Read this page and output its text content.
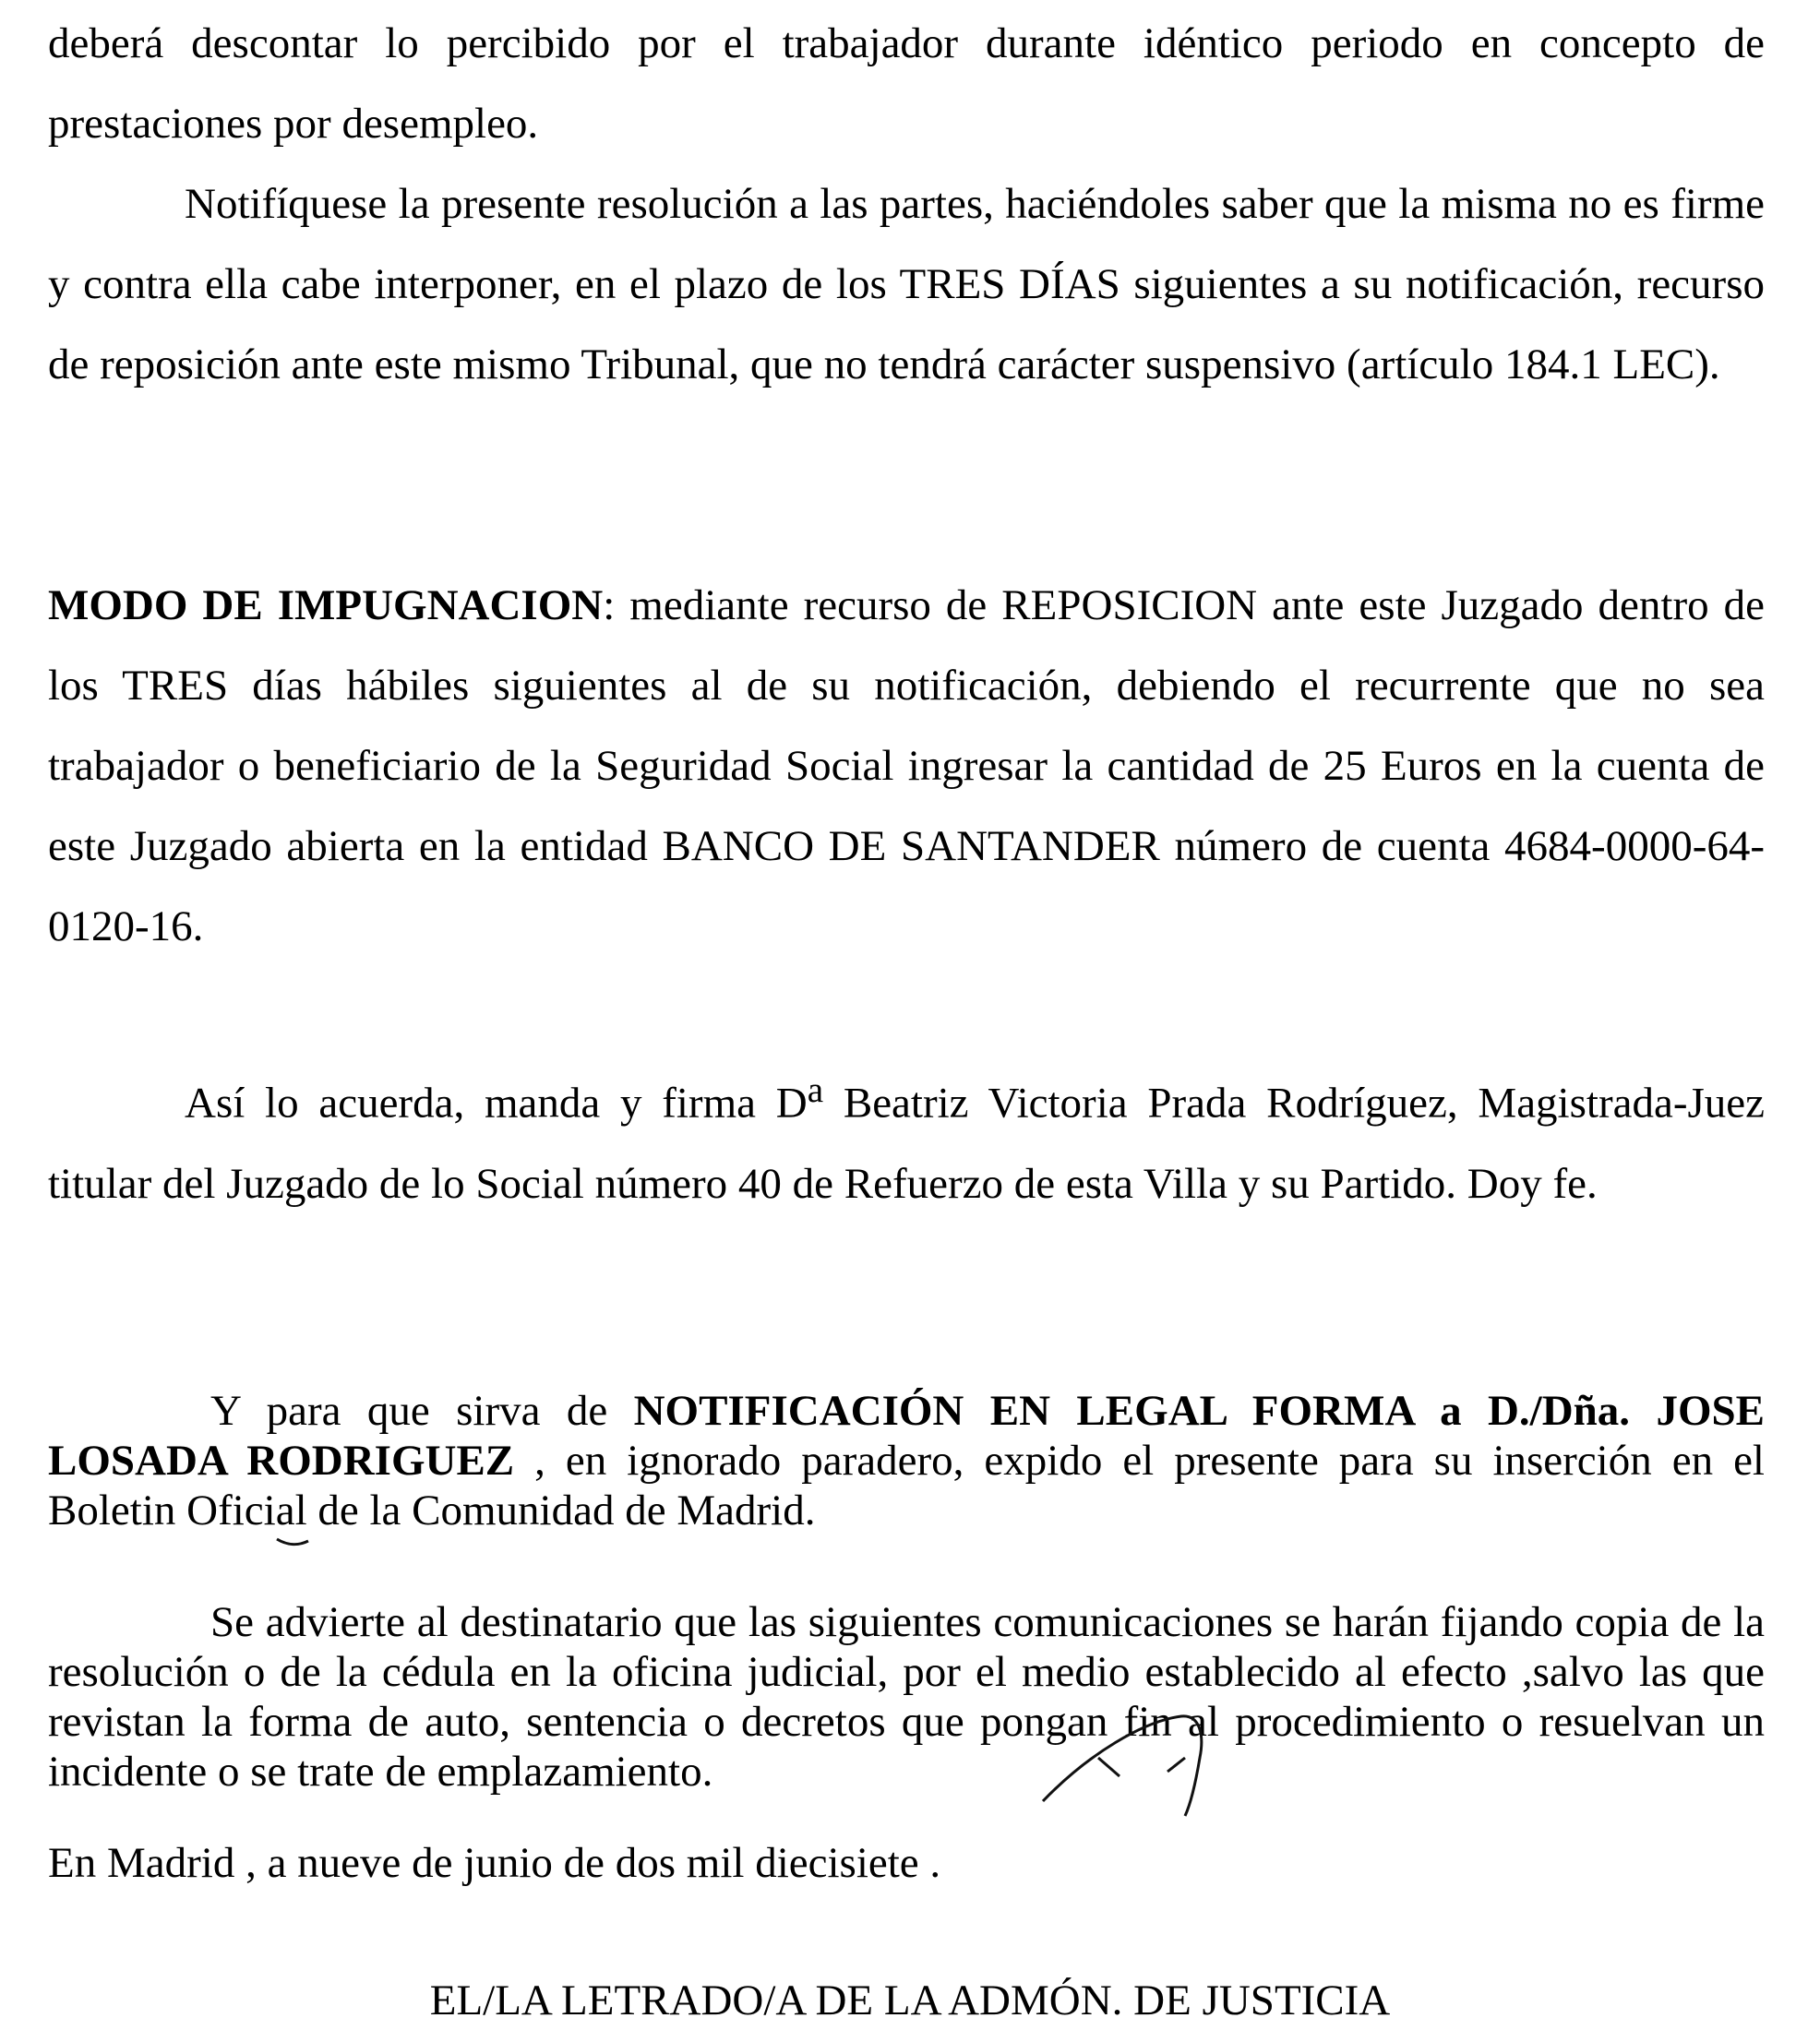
deberá descontar lo percibido por el trabajador durante idéntico periodo en concepto de prestaciones por desempleo.

Notifíquese la presente resolución a las partes, haciéndoles saber que la misma no es firme y contra ella cabe interponer, en el plazo de los TRES DÍAS siguientes a su notificación, recurso de reposición ante este mismo Tribunal, que no tendrá carácter suspensivo (artículo 184.1 LEC).

MODO DE IMPUGNACION: mediante recurso de REPOSICION ante este Juzgado dentro de los TRES días hábiles siguientes al de su notificación, debiendo el recurrente que no sea trabajador o beneficiario de la Seguridad Social ingresar la cantidad de 25 Euros en la cuenta de este Juzgado abierta en la entidad BANCO DE SANTANDER número de cuenta 4684-0000-64-0120-16.

Así lo acuerda, manda y firma $D^a$ Beatriz Victoria Prada Rodríguez, Magistrada-Juez titular del Juzgado de lo Social número 40 de Refuerzo de esta Villa y su Partido. Doy fe.

Y para que sirva de NOTIFICACIÓN EN LEGAL FORMA a D./Dña. JOSE LOSADA RODRIGUEZ , en ignorado paradero, expido el presente para su inserción en el Boletin Oficial de la Comunidad de Madrid.

Se advierte al destinatario que las siguientes comunicaciones se harán fijando copia de la resolución o de la cédula en la oficina judicial, por el medio establecido al efecto ,salvo las que revistan la forma de auto, sentencia o decretos que pongan fin al procedimiento o resuelvan un incidente o se trate de emplazamiento.

En Madrid , a nueve de junio de dos mil diecisiete .

EL/LA LETRADO/A DE LA ADMÓN. DE JUSTICIA
